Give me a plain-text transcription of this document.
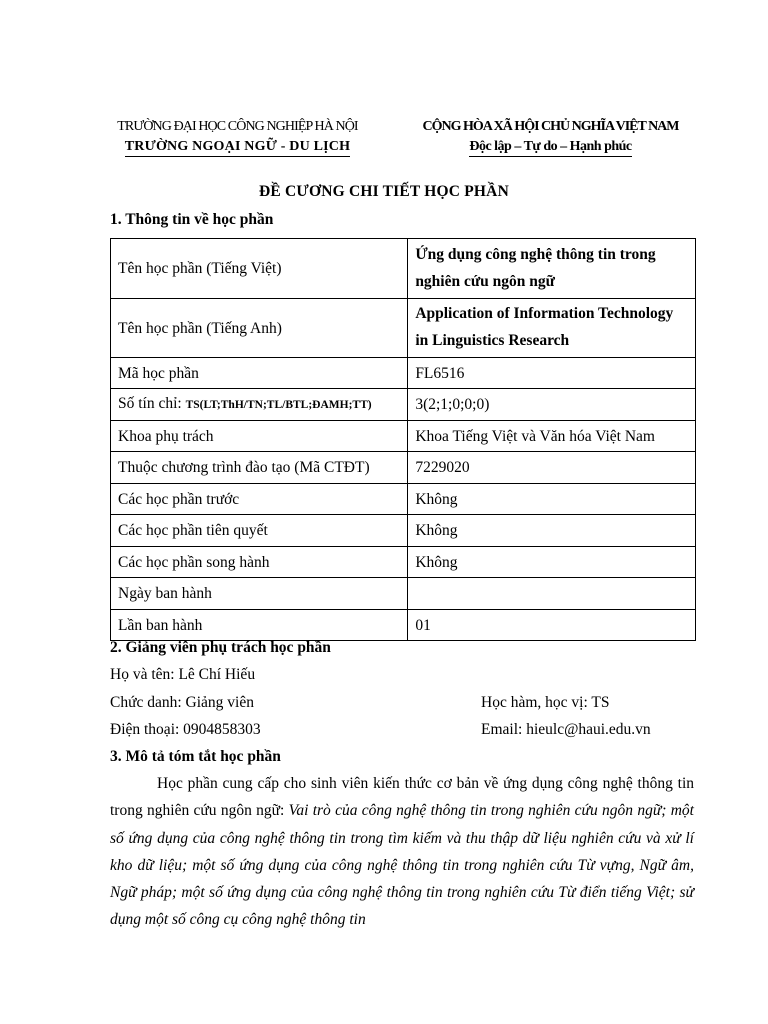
TRƯỜNG ĐẠI HỌC CÔNG NGHIỆP HÀ NỘI
TRƯỜNG NGOẠI NGỮ - DU LỊCH
CỘNG HÒA XÃ HỘI CHỦ NGHĨA VIỆT NAM
Độc lập – Tự do – Hạnh phúc
ĐỀ CƯƠNG CHI TIẾT HỌC PHẦN
1. Thông tin về học phần
Tên học phần (Tiếng Việt)	Ứng dụng công nghệ thông tin trong nghiên cứu ngôn ngữ
Tên học phần (Tiếng Anh)	Application of Information Technology in Linguistics Research
Mã học phần	FL6516
Số tín chỉ: TS(LT;ThH/TN;TL/BTL;ĐAMH;TT)	3(2;1;0;0;0)
Khoa phụ trách	Khoa Tiếng Việt và Văn hóa Việt Nam
Thuộc chương trình đào tạo (Mã CTĐT)	7229020
Các học phần trước	Không
Các học phần tiên quyết	Không
Các học phần song hành	Không
Ngày ban hành	
Lần ban hành	01
2. Giảng viên phụ trách học phần
Họ và tên: Lê Chí Hiếu
Chức danh: Giảng viên	Học hàm, học vị: TS
Điện thoại: 0904858303	Email: hieulc@haui.edu.vn
3. Mô tả tóm tắt học phần
Học phần cung cấp cho sinh viên kiến thức cơ bản về ứng dụng công nghệ thông tin trong nghiên cứu ngôn ngữ: Vai trò của công nghệ thông tin trong nghiên cứu ngôn ngữ; một số ứng dụng của công nghệ thông tin trong tìm kiếm và thu thập dữ liệu nghiên cứu và xử lí kho dữ liệu; một số ứng dụng của công nghệ thông tin trong nghiên cứu Từ vựng, Ngữ âm, Ngữ pháp; một số ứng dụng của công nghệ thông tin trong nghiên cứu Từ điển tiếng Việt; sử dụng một số công cụ công nghệ thông tin
